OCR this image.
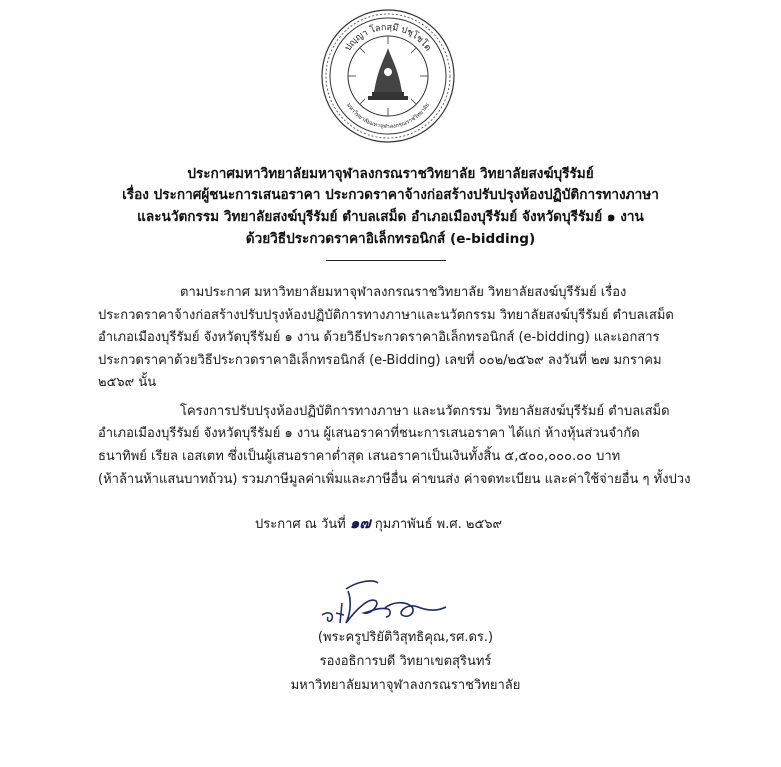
ปญฺญา โลกสฺมึ ปชฺโชโต
มหาวิทยาลัยมหาจุฬาลงกรณราชวิทยาลัย
ประกาศมหาวิทยาลัยมหาจุฬาลงกรณราชวิทยาลัย วิทยาลัยสงฆ์บุรีรัมย์
เรื่อง ประกาศผู้ชนะการเสนอราคา ประกวดราคาจ้างก่อสร้างปรับปรุงห้องปฏิบัติการทางภาษา
และนวัตกรรม วิทยาลัยสงฆ์บุรีรัมย์ ตำบลเสม็ด อำเภอเมืองบุรีรัมย์ จังหวัดบุรีรัมย์ ๑ งาน
ด้วยวิธีประกวดราคาอิเล็กทรอนิกส์ (e-bidding)
ตามประกาศ มหาวิทยาลัยมหาจุฬาลงกรณราชวิทยาลัย วิทยาลัยสงฆ์บุรีรัมย์ เรื่อง
ประกวดราคาจ้างก่อสร้างปรับปรุงห้องปฏิบัติการทางภาษาและนวัตกรรม วิทยาลัยสงฆ์บุรีรัมย์ ตำบลเสม็ด
อำเภอเมืองบุรีรัมย์ จังหวัดบุรีรัมย์ ๑ งาน ด้วยวิธีประกวดราคาอิเล็กทรอนิกส์ (e-bidding) และเอกสาร
ประกวดราคาด้วยวิธีประกวดราคาอิเล็กทรอนิกส์ (e-Bidding) เลขที่ ๐๐๒/๒๕๖๙ ลงวันที่ ๒๗ มกราคม
๒๕๖๙ นั้น
โครงการปรับปรุงห้องปฏิบัติการทางภาษา และนวัตกรรม วิทยาลัยสงฆ์บุรีรัมย์ ตำบลเสม็ด
อำเภอเมืองบุรีรัมย์ จังหวัดบุรีรัมย์ ๑ งาน ผู้เสนอราคาที่ชนะการเสนอราคา ได้แก่ ห้างหุ้นส่วนจำกัด
ธนาทิพย์ เรียล เอสเตท ซึ่งเป็นผู้เสนอราคาต่ำสุด เสนอราคาเป็นเงินทั้งสิ้น ๕,๕๐๐,๐๐๐.๐๐ บาท
(ห้าล้านห้าแสนบาทถ้วน) รวมภาษีมูลค่าเพิ่มและภาษีอื่น ค่าขนส่ง ค่าจดทะเบียน และค่าใช้จ่ายอื่น ๆ ทั้งปวง
ประกาศ ณ วันที่ ๑๗ กุมภาพันธ์ พ.ศ. ๒๕๖๙
(พระครูปริยัติวิสุทธิคุณ,รศ.ดร.)
รองอธิการบดี วิทยาเขตสุรินทร์
มหาวิทยาลัยมหาจุฬาลงกรณราชวิทยาลัย
